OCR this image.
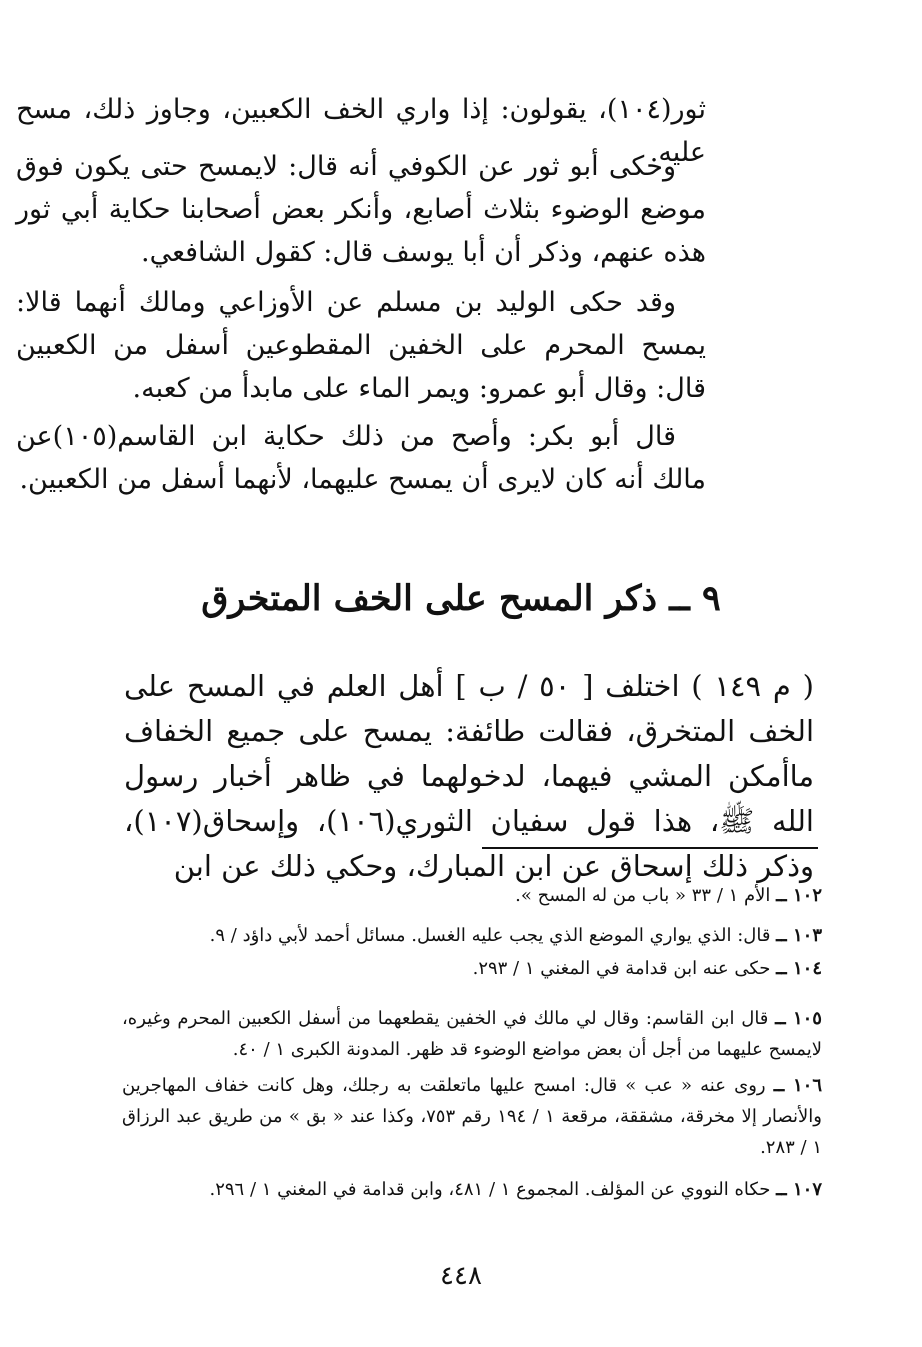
ثور(١٠٤)، يقولون: إذا واري الخف الكعبين، وجاوز ذلك، مسح عليه.

وحكى أبو ثور عن الكوفي أنه قال: لايمسح حتى يكون فوق موضع الوضوء بثلاث أصابع، وأنكر بعض أصحابنا حكاية أبي ثور هذه عنهم، وذكر أن أبا يوسف قال: كقول الشافعي.

وقد حكى الوليد بن مسلم عن الأوزاعي ومالك أنهما قالا: يمسح المحرم على الخفين المقطوعين أسفل من الكعبين قال: وقال أبو عمرو: ويمر الماء على مابدأ من كعبه.

قال أبو بكر: وأصح من ذلك حكاية ابن القاسم(١٠٥)عن مالك أنه كان لايرى أن يمسح عليهما، لأنهما أسفل من الكعبين.

٩ ــ ذكر المسح على الخف المتخرق
( م ١٤٩ ) اختلف [ ٥٠ / ب ] أهل العلم في المسح على الخف المتخرق، فقالت طائفة: يمسح على جميع الخفاف ماأمكن المشي فيهما، لدخولهما في ظاهر أخبار رسول الله ﷺ، هذا قول سفيان الثوري(١٠٦)، وإسحاق(١٠٧)، وذكر ذلك إسحاق عن ابن المبارك، وحكي ذلك عن ابن
١٠٢ ــ الأم ١ / ٣٣ « باب من له المسح ».
١٠٣ ــ قال: الذي يواري الموضع الذي يجب عليه الغسل. مسائل أحمد لأبي داؤد / ٩.
١٠٤ ــ حكى عنه ابن قدامة في المغني ١ / ٢٩٣.
١٠٥ ــ قال ابن القاسم: وقال لي مالك في الخفين يقطعهما من أسفل الكعبين المحرم وغيره، لايمسح عليهما من أجل أن بعض مواضع الوضوء قد ظهر. المدونة الكبرى ١ / ٤٠.
١٠٦ ــ روى عنه « عب » قال: امسح عليها ماتعلقت به رجلك، وهل كانت خفاف المهاجرين والأنصار إلا مخرقة، مشققة، مرقعة ١ / ١٩٤ رقم ٧٥٣، وكذا عند « بق » من طريق عبد الرزاق ١ / ٢٨٣.
١٠٧ ــ حكاه النووي عن المؤلف. المجموع ١ / ٤٨١، وابن قدامة في المغني ١ / ٢٩٦.
٤٤٨
